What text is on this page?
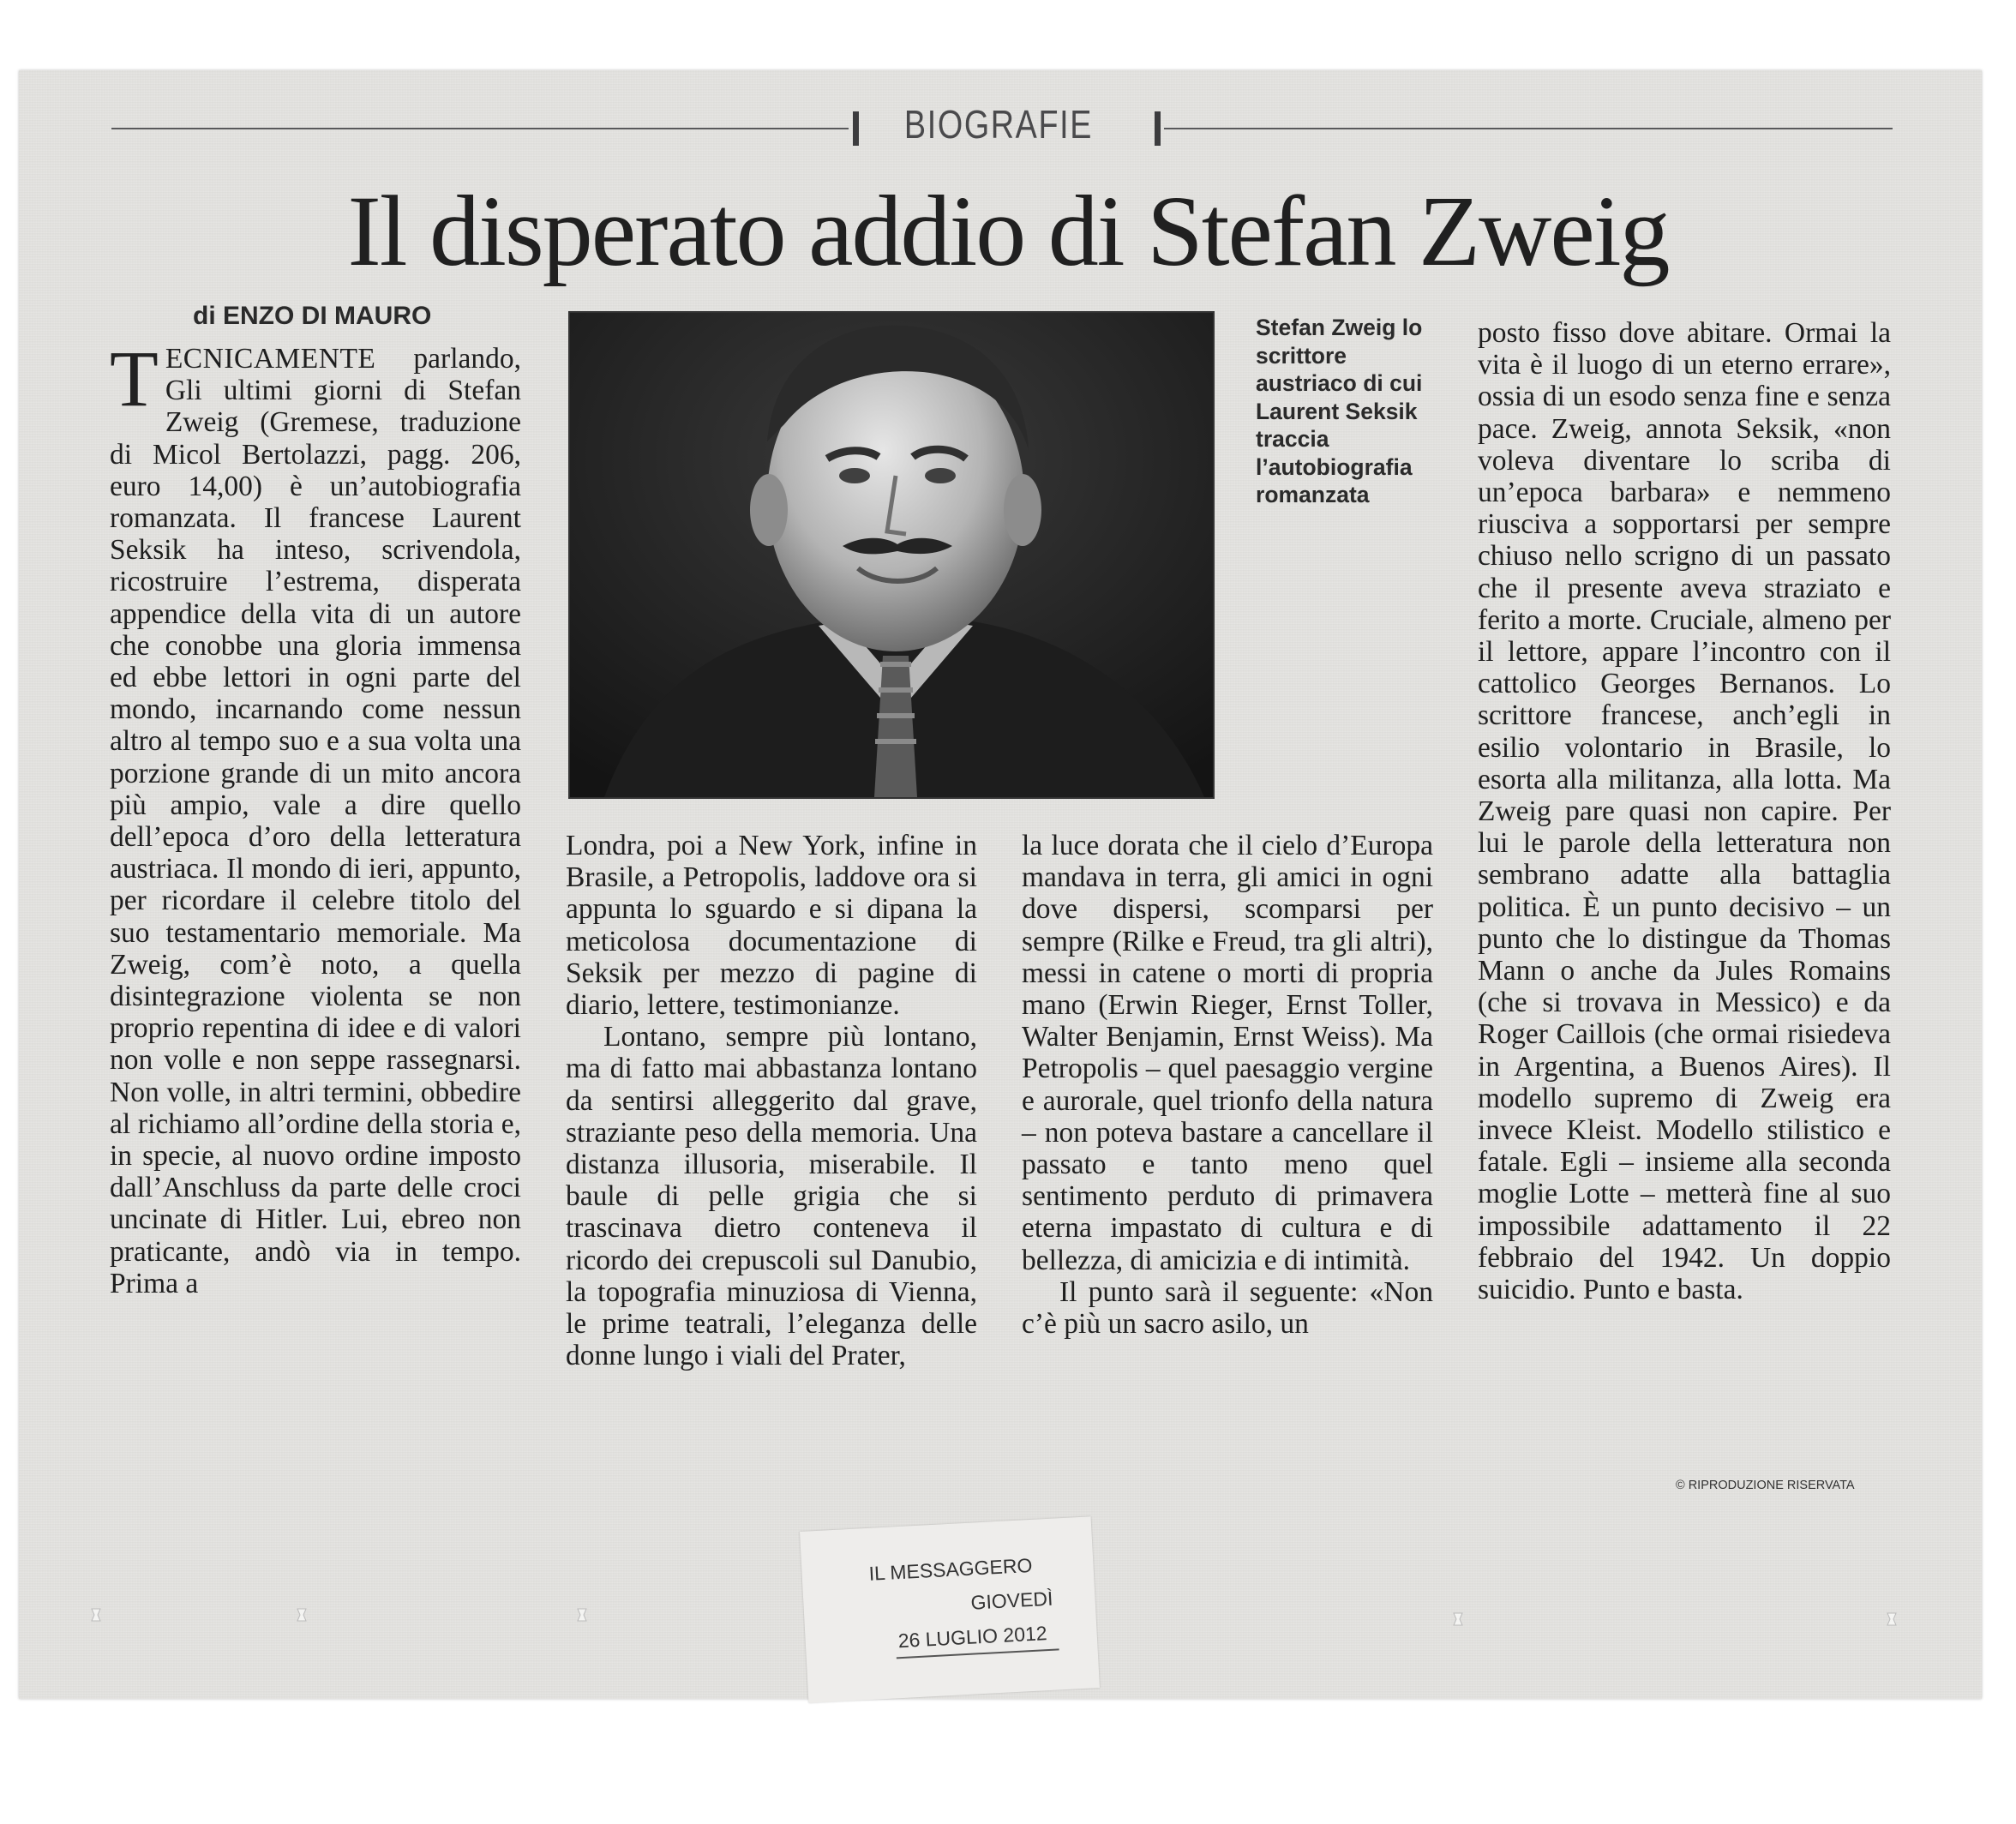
BIOGRAFIE
Il disperato addio di Stefan Zweig
di ENZO DI MAURO

TECNICAMENTE parlando, Gli ultimi giorni di Stefan Zweig (Gremese, traduzione di Micol Bertolazzi, pagg. 206, euro 14,00) è un’autobiografia romanzata. Il francese Laurent Seksik ha inteso, scrivendola, ricostruire l’estrema, disperata appendice della vita di un autore che conobbe una gloria immensa ed ebbe lettori in ogni parte del mondo, incarnando come nessun altro al tempo suo e a sua volta una porzione grande di un mito ancora più ampio, vale a dire quello dell’epoca d’oro della letteratura austriaca. Il mondo di ieri, appunto, per ricordare il celebre titolo del suo testamentario memoriale. Ma Zweig, com’è noto, a quella disintegrazione violenta se non proprio repentina di idee e di valori non volle e non seppe rassegnarsi. Non volle, in altri termini, obbedire al richiamo all’ordine della storia e, in specie, al nuovo ordine imposto dall’Anschluss da parte delle croci uncinate di Hitler. Lui, ebreo non praticante, andò via in tempo. Prima a

Stefan Zweig lo scrittore austriaco di cui Laurent Seksik traccia l’autobiografia romanzata

Londra, poi a New York, infine in Brasile, a Petropolis, laddove ora si appunta lo sguardo e si dipana la meticolosa documentazione di Seksik per mezzo di pagine di diario, lettere, testimonianze.

Lontano, sempre più lontano, ma di fatto mai abbastanza lontano da sentirsi alleggerito dal grave, straziante peso della memoria. Una distanza illusoria, miserabile. Il baule di pelle grigia che si trascinava dietro conteneva il ricordo dei crepuscoli sul Danubio, la topografia minuziosa di Vienna, le prime teatrali, l’eleganza delle donne lungo i viali del Prater,

la luce dorata che il cielo d’Europa mandava in terra, gli amici in ogni dove dispersi, scomparsi per sempre (Rilke e Freud, tra gli altri), messi in catene o morti di propria mano (Erwin Rieger, Ernst Toller, Walter Benjamin, Ernst Weiss). Ma Petropolis – quel paesaggio vergine e aurorale, quel trionfo della natura – non poteva bastare a cancellare il passato e tanto meno quel sentimento perduto di primavera eterna impastato di cultura e di bellezza, di amicizia e di intimità.

Il punto sarà il seguente: «Non c’è più un sacro asilo, un

posto fisso dove abitare. Ormai la vita è il luogo di un eterno errare», ossia di un esodo senza fine e senza pace. Zweig, annota Seksik, «non voleva diventare lo scriba di un’epoca barbara» e nemmeno riusciva a sopportarsi per sempre chiuso nello scrigno di un passato che il presente aveva straziato e ferito a morte. Cruciale, almeno per il lettore, appare l’incontro con il cattolico Georges Bernanos. Lo scrittore francese, anch’egli in esilio volontario in Brasile, lo esorta alla militanza, alla lotta. Ma Zweig pare quasi non capire. Per lui le parole della letteratura non sembrano adatte alla battaglia politica. È un punto decisivo – un punto che lo distingue da Thomas Mann o anche da Jules Romains (che si trovava in Messico) e da Roger Caillois (che ormai risiedeva in Argentina, a Buenos Aires). Il modello supremo di Zweig era invece Kleist. Modello stilistico e fatale. Egli – insieme alla seconda moglie Lotte – metterà fine al suo impossibile adattamento il 22 febbraio del 1942. Un doppio suicidio. Punto e basta.

© RIPRODUZIONE RISERVATA
IL MESSAGGERO
GIOVEDÌ
26 LUGLIO 2012
